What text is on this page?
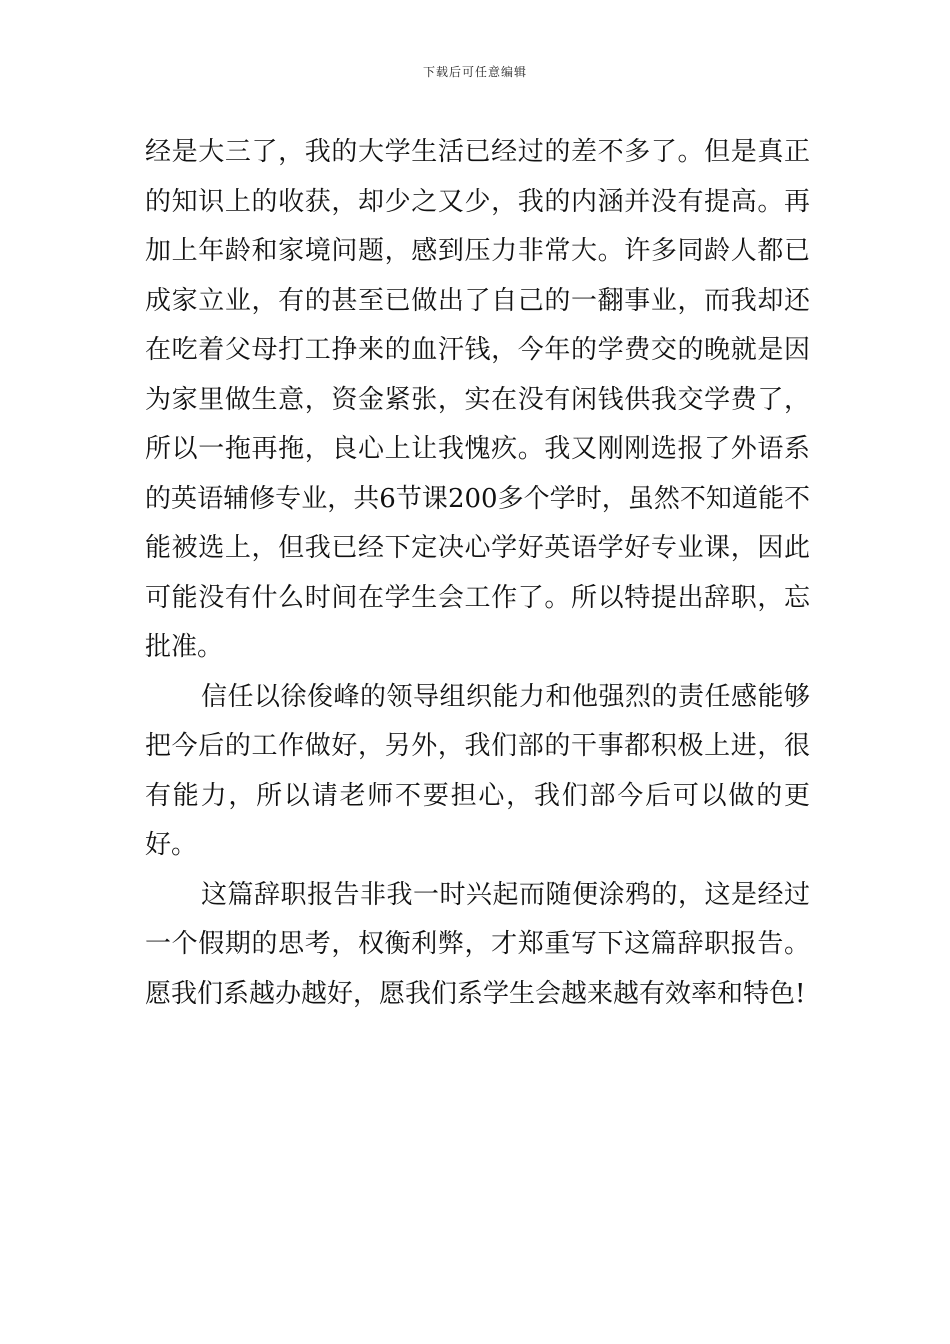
下载后可任意编辑

经是大三了，我的大学生活已经过的差不多了。但是真正的知识上的收获，却少之又少，我的内涵并没有提高。再加上年龄和家境问题，感到压力非常大。许多同龄人都已成家立业，有的甚至已做出了自己的一翻事业，而我却还在吃着父母打工挣来的血汗钱，今年的学费交的晚就是因为家里做生意，资金紧张，实在没有闲钱供我交学费了，所以一拖再拖，良心上让我愧疚。我又刚刚选报了外语系的英语辅修专业，共6节课200多个学时，虽然不知道能不能被选上，但我已经下定决心学好英语学好专业课，因此可能没有什么时间在学生会工作了。所以特提出辞职，忘批准。

信任以徐俊峰的领导组织能力和他强烈的责任感能够把今后的工作做好，另外，我们部的干事都积极上进，很有能力，所以请老师不要担心，我们部今后可以做的更好。

这篇辞职报告非我一时兴起而随便涂鸦的，这是经过一个假期的思考，权衡利弊，才郑重写下这篇辞职报告。愿我们系越办越好，愿我们系学生会越来越有效率和特色!
